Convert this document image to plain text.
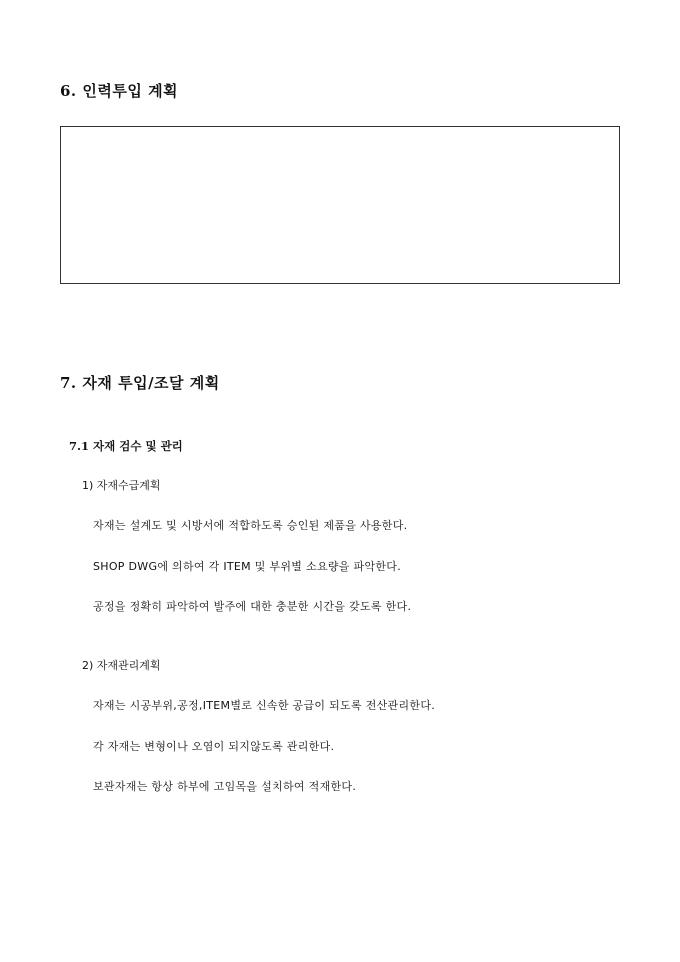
6. 인력투입 계획
7. 자재 투입/조달 계획
7.1 자재 검수 및 관리
1) 자재수급계획
자재는 설계도 및 시방서에 적합하도록 승인된 제품을 사용한다.
SHOP DWG에 의하여 각 ITEM 및 부위별 소요량을 파악한다.
공정을 정확히 파악하여 발주에 대한 충분한 시간을 갖도록 한다.
2) 자재관리계획
자재는 시공부위,공정,ITEM별로 신속한 공급이 되도록 전산관리한다.
각 자재는 변형이나 오염이 되지않도록 관리한다.
보관자재는 항상 하부에 고임목을 설치하여 적재한다.
